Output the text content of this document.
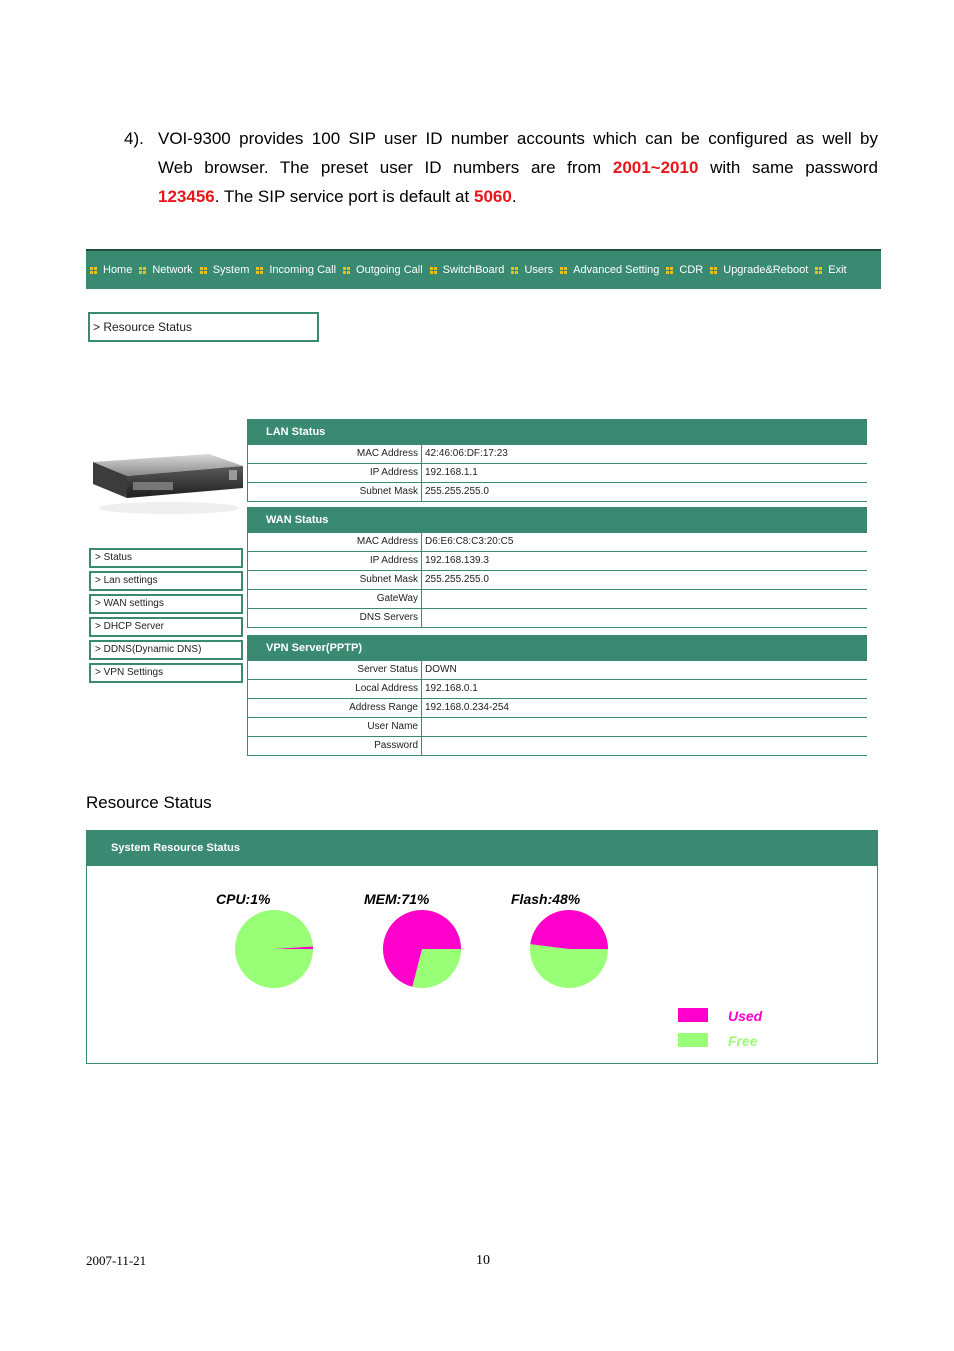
4). VOI-9300 provides 100 SIP user ID number accounts which can be configured as well by
Web browser. The preset user ID numbers are from 2001~2010 with same password
123456. The SIP service port is default at 5060.
Home Network System Incoming Call Outgoing Call SwitchBoard Users Advanced Setting CDR Upgrade&Reboot Exit
> Resource Status
> Status
> Lan settings
> WAN settings
> DHCP Server
> DDNS(Dynamic DNS)
> VPN Settings
LAN Status
MAC Address 42:46:06:DF:17:23
IP Address 192.168.1.1
Subnet Mask 255.255.255.0
WAN Status
MAC Address D6:E6:C8:C3:20:C5
IP Address 192.168.139.3
Subnet Mask 255.255.255.0
GateWay
DNS Servers
VPN Server(PPTP)
Server Status DOWN
Local Address 192.168.0.1
Address Range 192.168.0.234-254
User Name
Password
Resource Status
System Resource Status
CPU:1%	MEM:71%	Flash:48%
Used
Free
2007-11-21	10
